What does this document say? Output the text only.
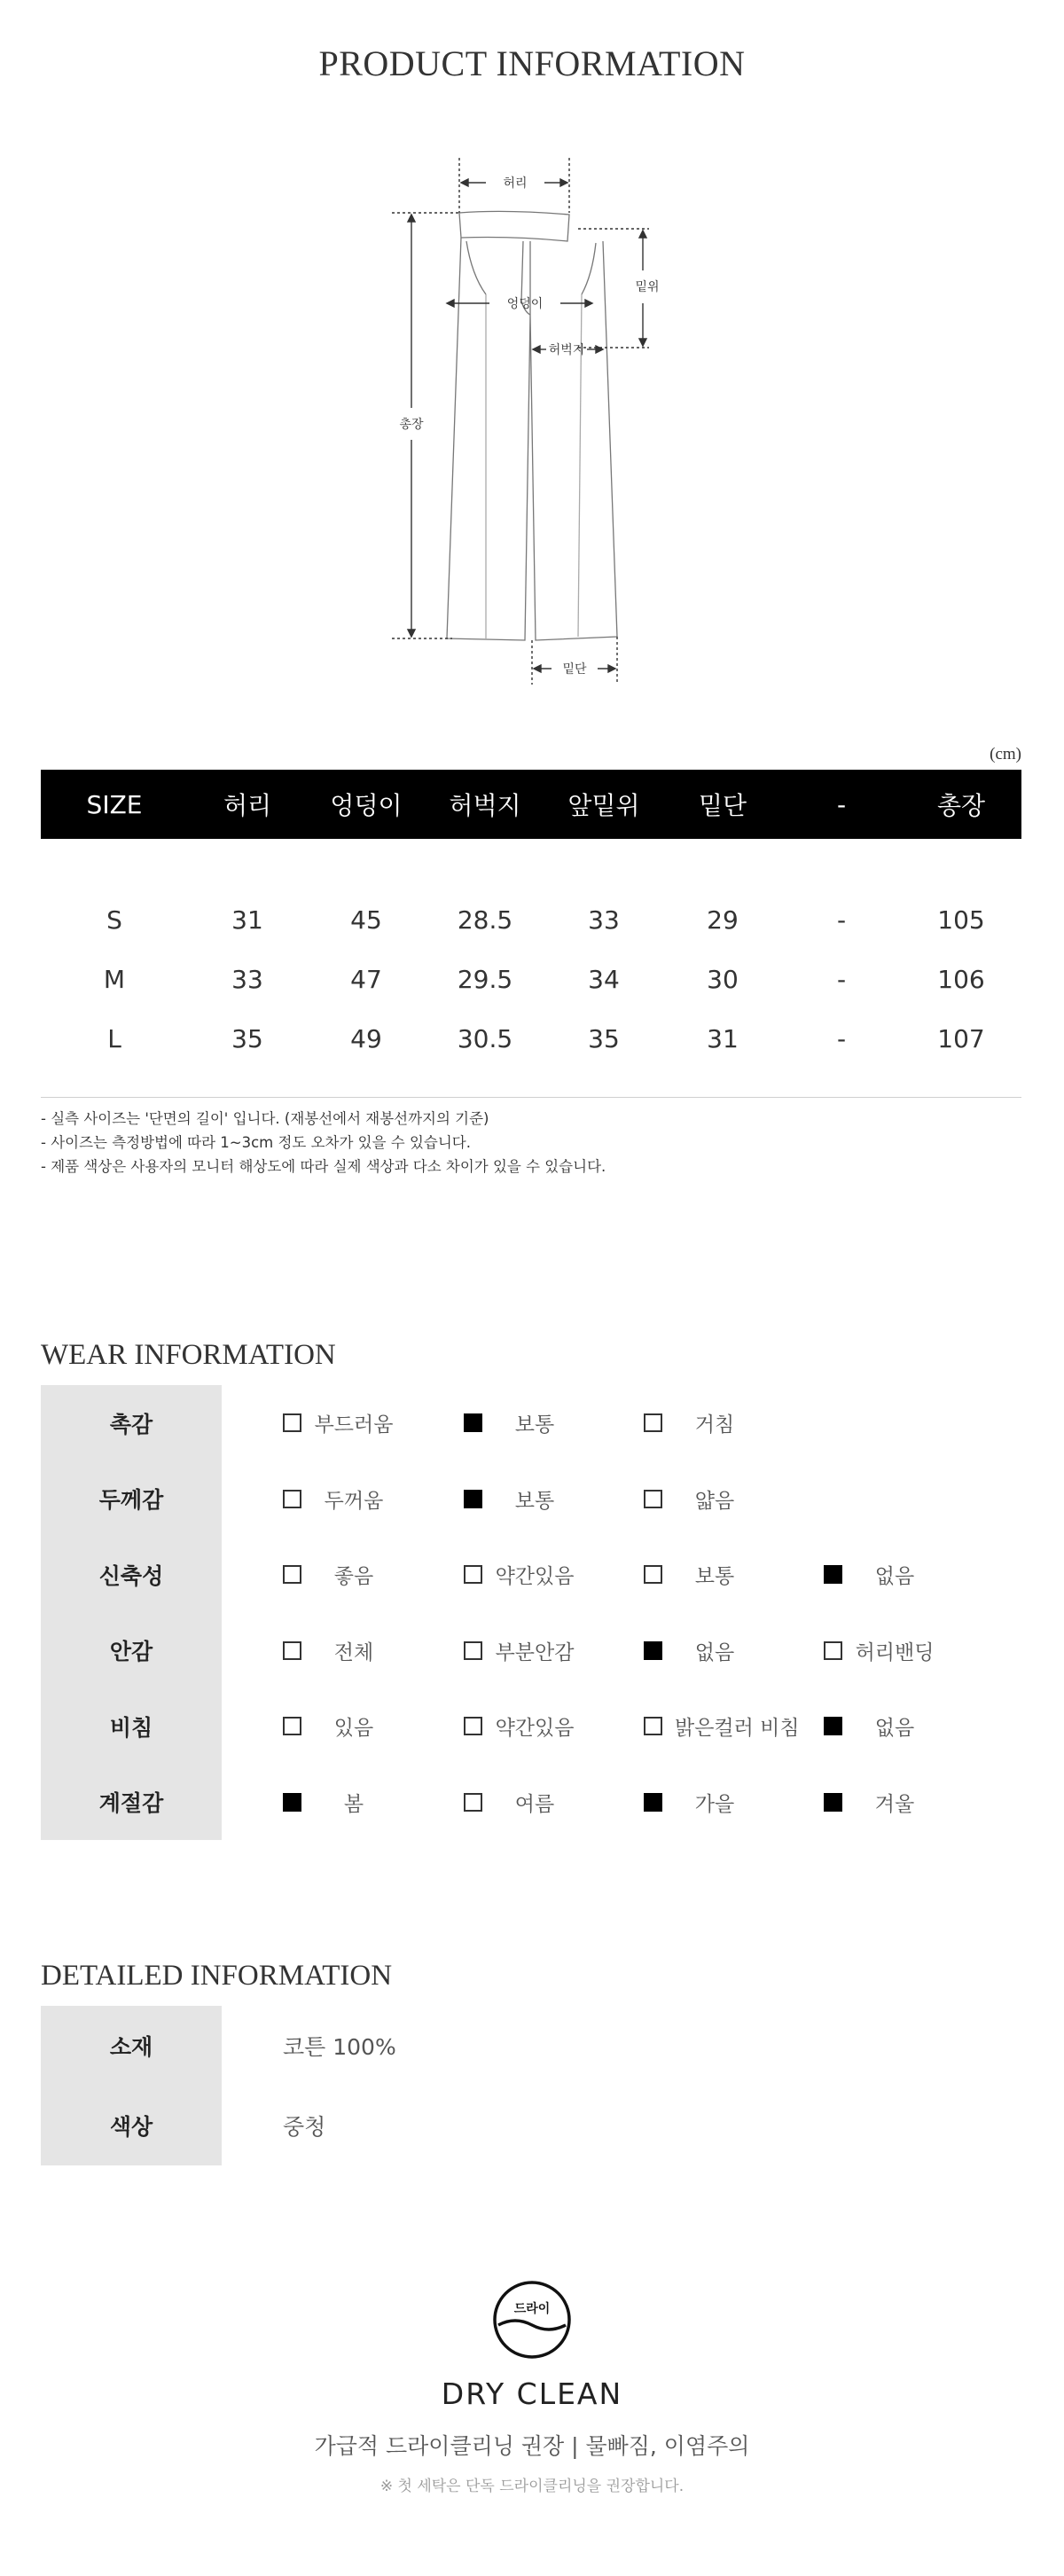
PRODUCT INFORMATION
허리
밑위
엉덩이
허벅지
총장
밑단
(cm)
SIZE	허리	엉덩이	허벅지	앞밑위	밑단	-	총장
S	31	45	28.5	33	29	-	105
M	33	47	29.5	34	30	-	106
L	35	49	30.5	35	31	-	107
- 실측 사이즈는 '단면의 길이' 입니다. (재봉선에서 재봉선까지의 기준)
- 사이즈는 측정방법에 따라 1~3cm 정도 오차가 있을 수 있습니다.
- 제품 색상은 사용자의 모니터 해상도에 따라 실제 색상과 다소 차이가 있을 수 있습니다.
WEAR INFORMATION
촉감	부드러움	보통	거침
두께감	두꺼움	보통	얇음
신축성	좋음	약간있음	보통	없음
안감	전체	부분안감	없음	허리밴딩
비침	있음	약간있음	밝은컬러 비침	없음
계절감	봄	여름	가을	겨울
DETAILED INFORMATION
소재	코튼 100%
색상	중청
드라이
DRY CLEAN
가급적 드라이클리닝 권장 | 물빠짐, 이염주의
※ 첫 세탁은 단독 드라이클리닝을 권장합니다.
